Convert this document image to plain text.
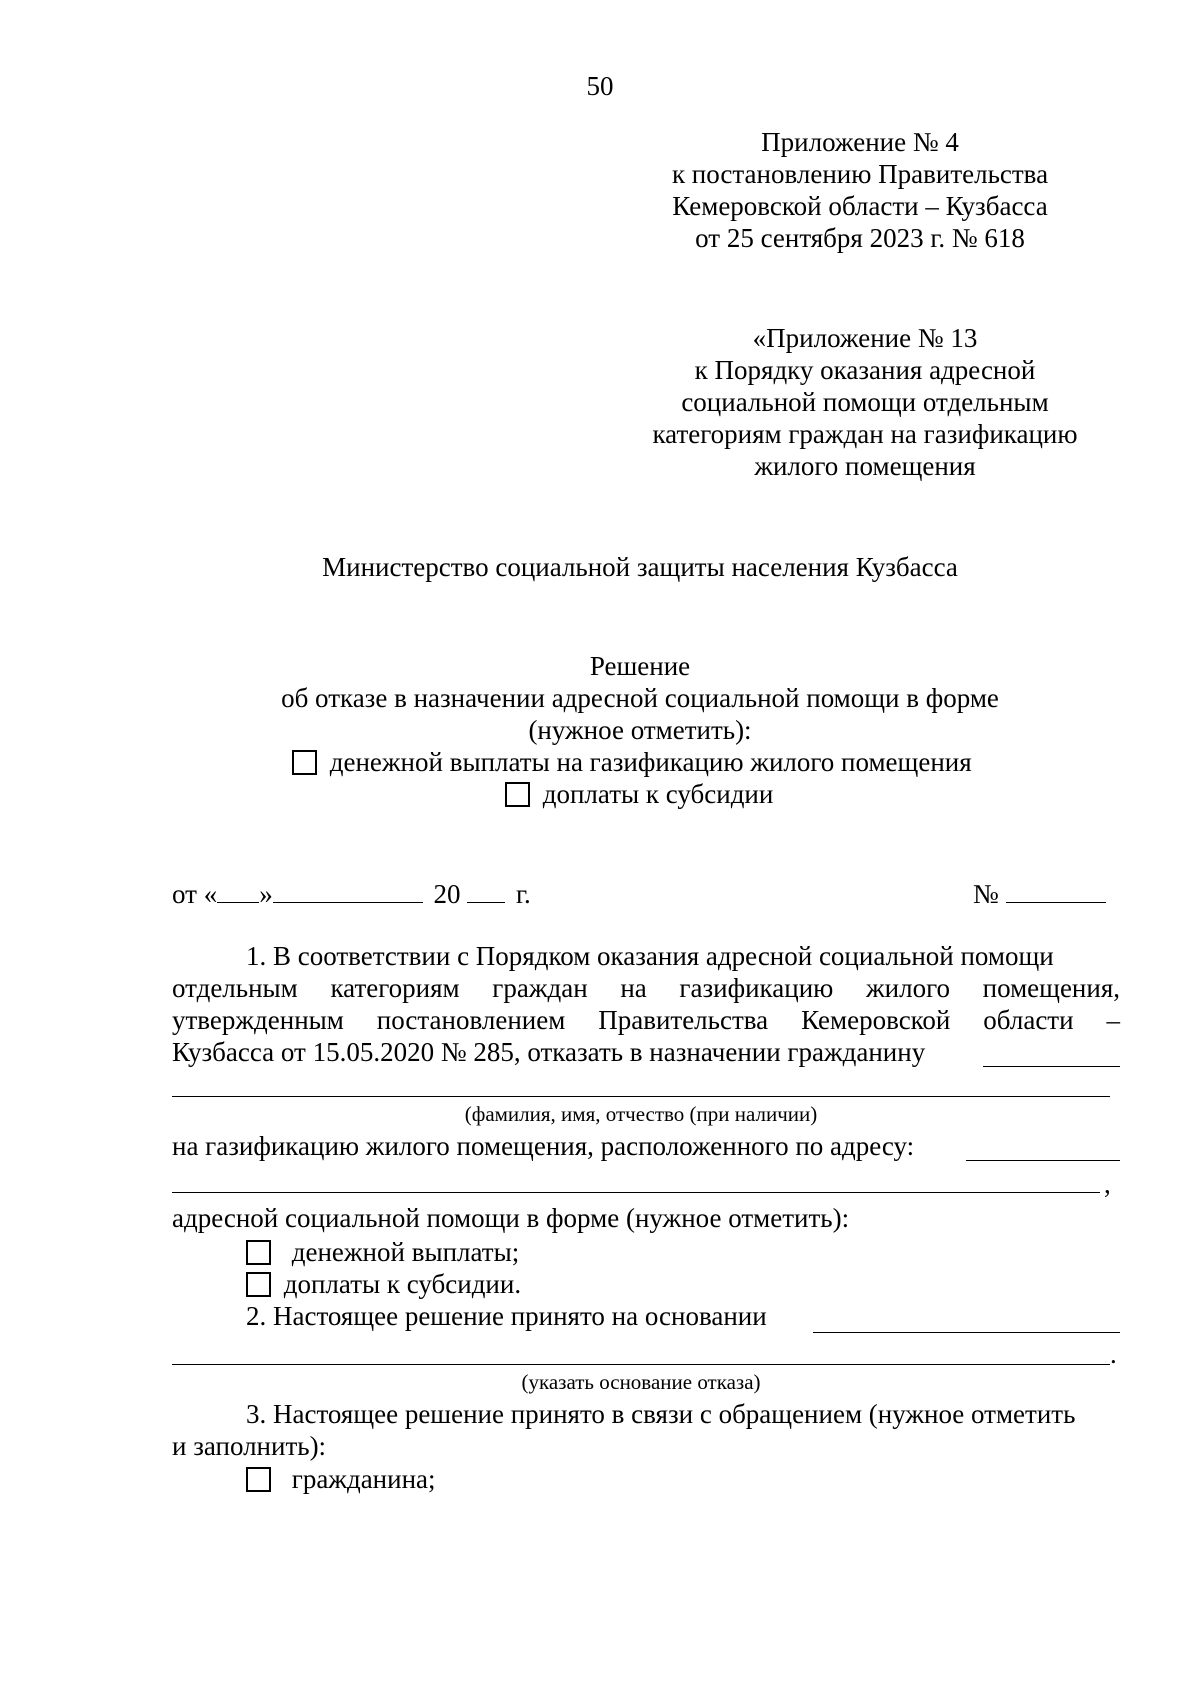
50
Приложение № 4
к постановлению Правительства
Кемеровской области – Кузбасса
от 25 сентября 2023 г. № 618
«Приложение № 13
к Порядку оказания адресной
социальной помощи отдельным
категориям граждан на газификацию
жилого помещения
Министерство социальной защиты населения Кузбасса
Решение
об отказе в назначении адресной социальной помощи в форме
(нужное отметить):
денежной выплаты на газификацию жилого помещения
доплаты к субсидии
от « »	20 г.	№
1. В соответствии с Порядком оказания адресной социальной помощи
отдельным категориям граждан на газификацию жилого помещения,
утвержденным постановлением Правительства Кемеровской области –
Кузбасса от 15.05.2020 № 285, отказать в назначении гражданину
(фамилия, имя, отчество (при наличии)
на газификацию жилого помещения, расположенного по адресу:
,
адресной социальной помощи в форме (нужное отметить):
денежной выплаты;
доплаты к субсидии.
2. Настоящее решение принято на основании
.
(указать основание отказа)
3. Настоящее решение принято в связи с обращением (нужное отметить
и заполнить):
гражданина;
